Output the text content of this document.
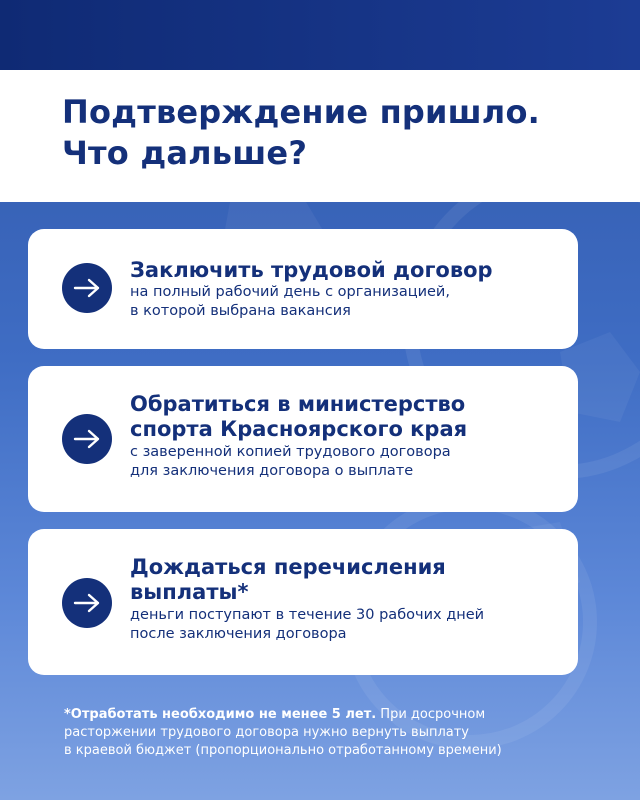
Подтверждение пришло.
Что дальше?

Заключить трудовой договор

на полный рабочий день с организацией,
в которой выбрана вакансия

Обратиться в министерство
спорта Красноярского края

с заверенной копией трудового договора
для заключения договора о выплате

Дождаться перечисления
выплаты*

деньги поступают в течение 30 рабочих дней
после заключения договора

*Отработать необходимо не менее 5 лет. При досрочном
расторжении трудового договора нужно вернуть выплату
в краевой бюджет (пропорционально отработанному времени)
